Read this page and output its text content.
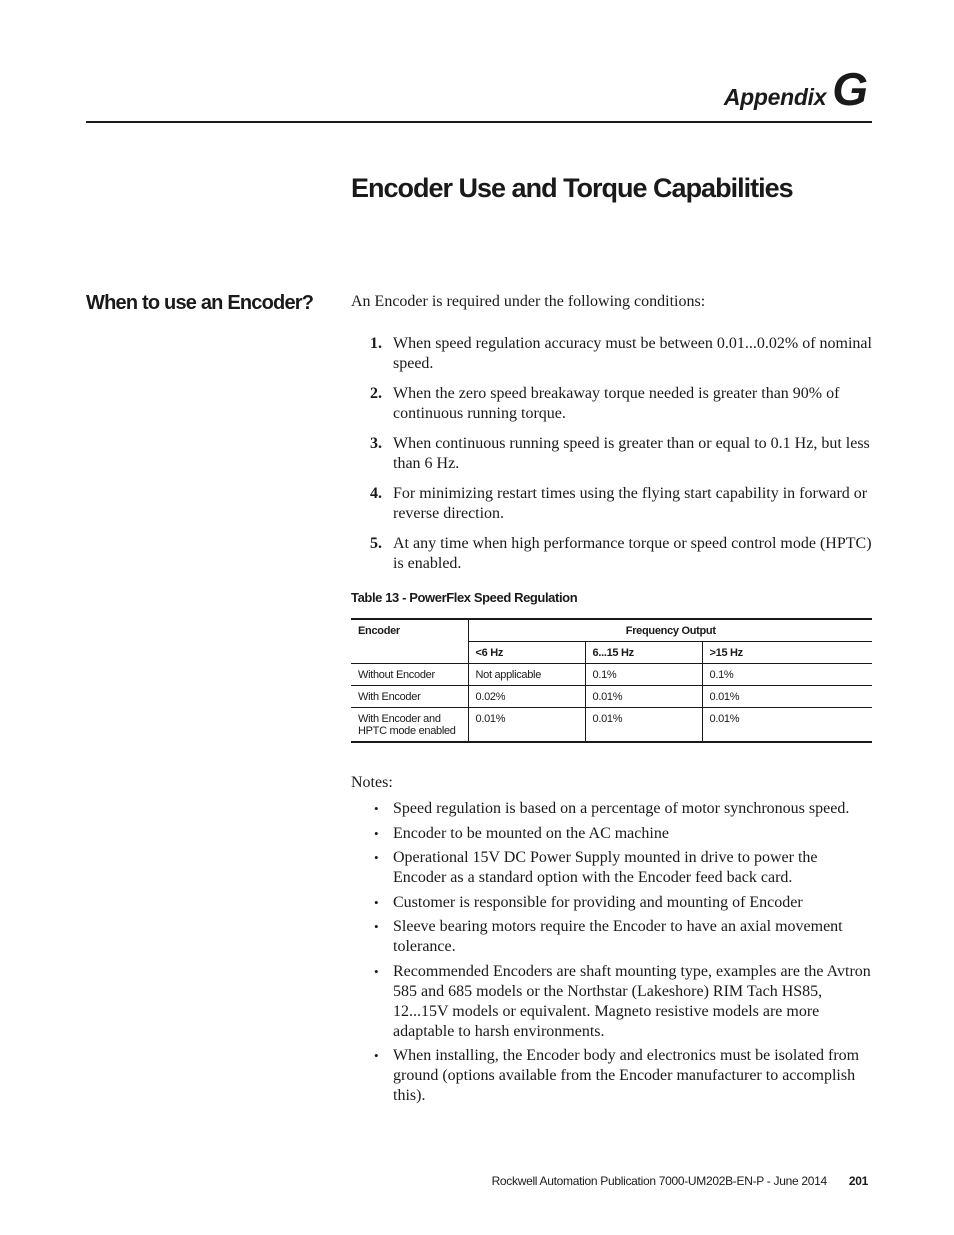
Appendix G
Encoder Use and Torque Capabilities
When to use an Encoder? An Encoder is required under the following conditions:
1. When speed regulation accuracy must be between 0.01...0.02% of nominal speed.
2. When the zero speed breakaway torque needed is greater than 90% of continuous running torque.
3. When continuous running speed is greater than or equal to 0.1 Hz, but less than 6 Hz.
4. For minimizing restart times using the flying start capability in forward or reverse direction.
5. At any time when high performance torque or speed control mode (HPTC) is enabled.
Table 13 - PowerFlex Speed Regulation
Encoder	Frequency Output		
	<6 Hz	6...15 Hz	>15 Hz
Without Encoder	Not applicable	0.1%	0.1%
With Encoder	0.02%	0.01%	0.01%
With Encoder and HPTC mode enabled	0.01%	0.01%	0.01%
Notes:
• Speed regulation is based on a percentage of motor synchronous speed.
• Encoder to be mounted on the AC machine
• Operational 15V DC Power Supply mounted in drive to power the Encoder as a standard option with the Encoder feed back card.
• Customer is responsible for providing and mounting of Encoder
• Sleeve bearing motors require the Encoder to have an axial movement tolerance.
• Recommended Encoders are shaft mounting type, examples are the Avtron 585 and 685 models or the Northstar (Lakeshore) RIM Tach HS85, 12...15V models or equivalent. Magneto resistive models are more adaptable to harsh environments.
• When installing, the Encoder body and electronics must be isolated from ground (options available from the Encoder manufacturer to accomplish this).
Rockwell Automation Publication 7000-UM202B-EN-P - June 2014 201
